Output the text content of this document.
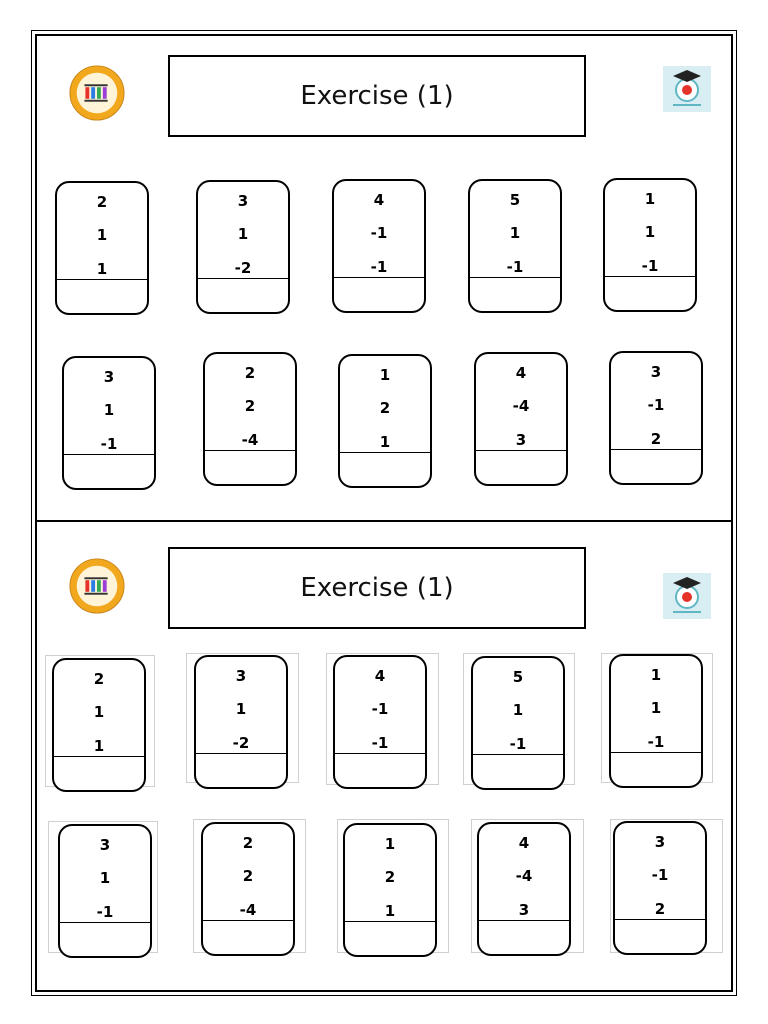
Exercise (1)
2
1
1
3
1
-2
4
-1
-1
5
1
-1
1
1
-1
3
1
-1
2
2
-4
1
2
1
4
-4
3
3
-1
2
Exercise (1)
2
1
1
3
1
-2
4
-1
-1
5
1
-1
1
1
-1
3
1
-1
2
2
-4
1
2
1
4
-4
3
3
-1
2
